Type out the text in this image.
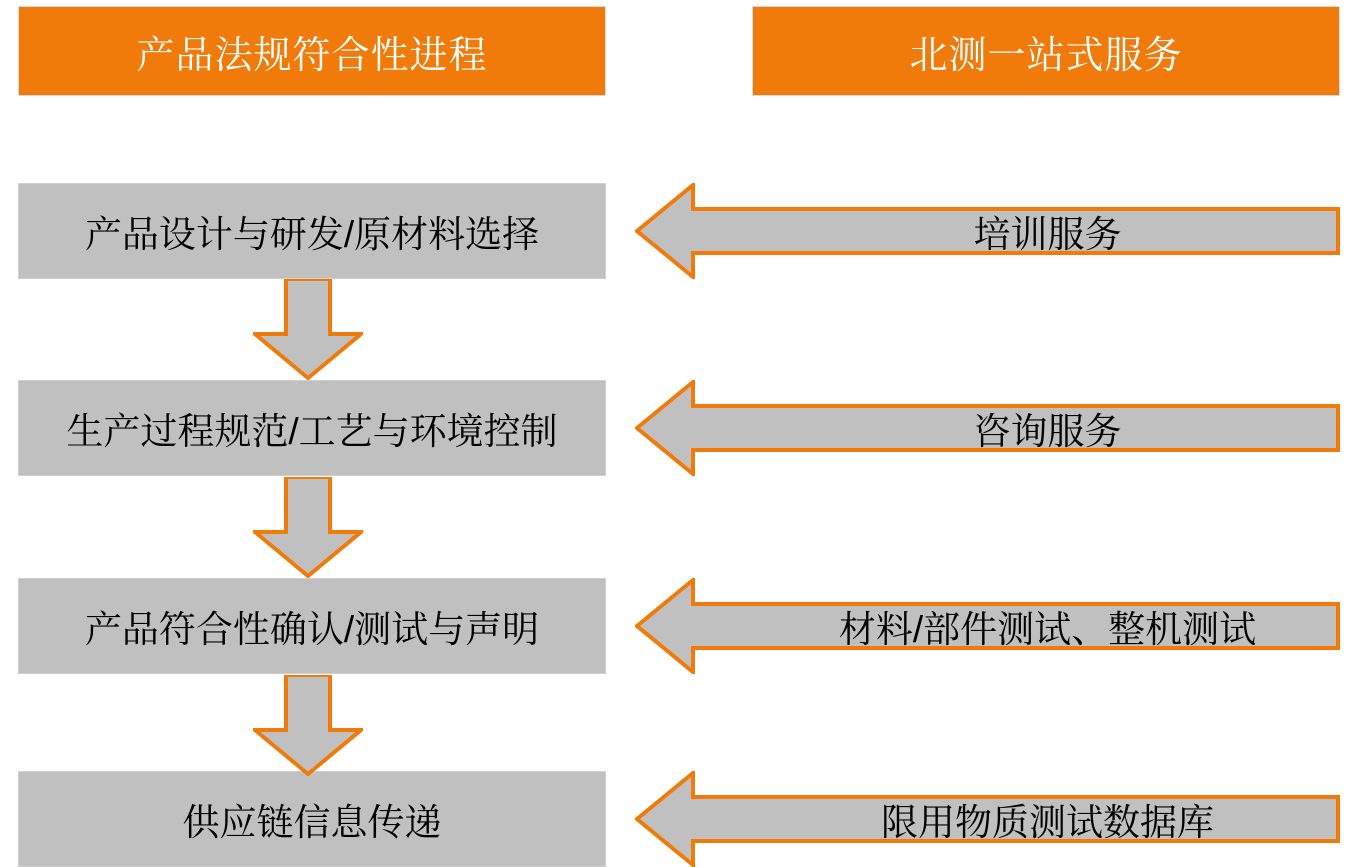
产品法规符合性进程	北测一站式服务
产品设计与研发/原材料选择
生产过程规范/工艺与环境控制
产品符合性确认/测试与声明
供应链信息传递
培训服务
咨询服务
材料/部件测试、整机测试
限用物质测试数据库
